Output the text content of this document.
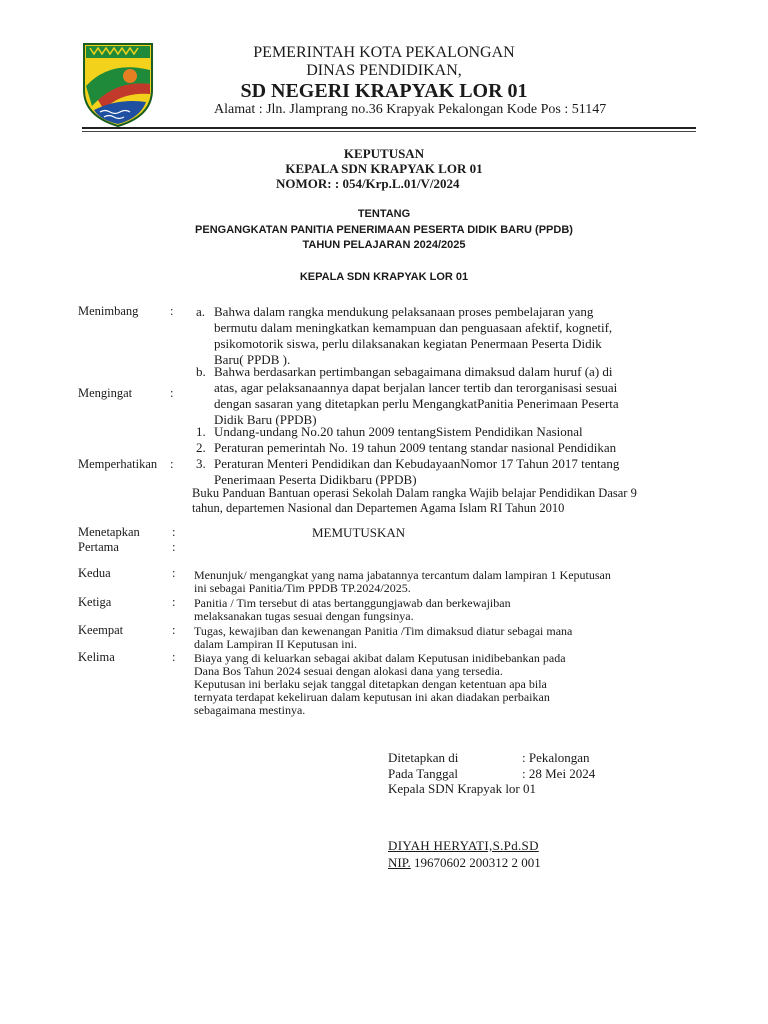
PEMERINTAH KOTA PEKALONGAN
DINAS PENDIDIKAN,
SD NEGERI KRAPYAK LOR 01
Alamat : Jln. Jlamprang no.36 Krapyak Pekalongan Kode Pos : 51147
KEPUTUSAN
KEPALA SDN KRAPYAK LOR 01
NOMOR: : 054/Krp.L.01/V/2024
TENTANG
PENGANGKATAN PANITIA PENERIMAAN PESERTA DIDIK BARU (PPDB)
TAHUN PELAJARAN 2024/2025
KEPALA SDN KRAPYAK LOR 01
Menimbang	: a. Bahwa dalam rangka mendukung pelaksanaan proses pembelajaran yang
bermutu dalam meningkatkan kemampuan dan penguasaan afektif, kognetif,
psikomotorik siswa, perlu dilaksanakan kegiatan Penermaan Peserta Didik
Baru( PPDB ).
b. Bahwa berdasarkan pertimbangan sebagaimana dimaksud dalam huruf (a) di
atas, agar pelaksanaannya dapat berjalan lancer tertib dan terorganisasi sesuai
dengan sasaran yang ditetapkan perlu MengangkatPanitia Penerimaan Peserta
Didik Baru (PPDB)
Mengingat	:
1. Undang-undang No.20 tahun 2009 tentangSistem Pendidikan Nasional
2. Peraturan pemerintah No. 19 tahun 2009 tentang standar nasional Pendidikan
3. Peraturan Menteri Pendidikan dan KebudayaanNomor 17 Tahun 2017 tentang
Penerimaan Peserta Didikbaru (PPDB)
Memperhatikan :
Buku Panduan Bantuan operasi Sekolah Dalam rangka Wajib belajar Pendidikan Dasar 9
tahun, departemen Nasional dan Departemen Agama Islam RI Tahun 2010
Menetapkan	:
Pertama	:
MEMUTUSKAN
Kedua	: Menunjuk/ mengangkat yang nama jabatannya tercantum dalam lampiran 1 Keputusan
ini sebagai Panitia/Tim PPDB TP.2024/2025.
Ketiga	: Panitia / Tim tersebut di atas bertanggungjawab dan berkewajiban
melaksanakan tugas sesuai dengan fungsinya.
Keempat	: Tugas, kewajiban dan kewenangan Panitia /Tim dimaksud diatur sebagai mana
dalam Lampiran II Keputusan ini.
Kelima	: Biaya yang di keluarkan sebagai akibat dalam Keputusan inidibebankan pada
Dana Bos Tahun 2024 sesuai dengan alokasi dana yang tersedia.
Keputusan ini berlaku sejak tanggal ditetapkan dengan ketentuan apa bila
ternyata terdapat kekeliruan dalam keputusan ini akan diadakan perbaikan
sebagaimana mestinya.
Ditetapkan di	: Pekalongan
Pada Tanggal	: 28 Mei 2024
Kepala SDN Krapyak lor 01
DIYAH HERYATI,S.Pd.SD
NIP. 19670602 200312 2 001
